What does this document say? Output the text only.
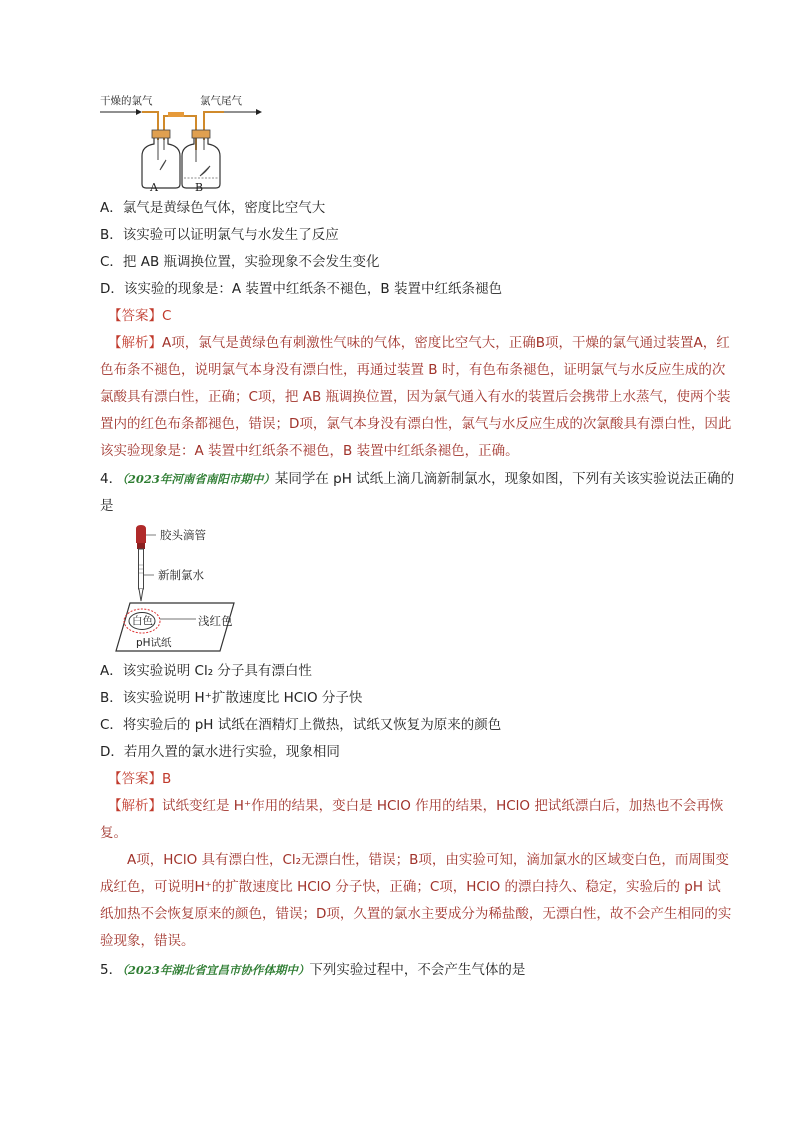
干燥的氯气	氯气尾气
A	B
A．氯气是黄绿色气体，密度比空气大
B．该实验可以证明氯气与水发生了反应
C．把 AB 瓶调换位置，实验现象不会发生变化
D．该实验的现象是：A 装置中红纸条不褪色，B 装置中红纸条褪色
【答案】C
【解析】A项，氯气是黄绿色有刺激性气味的气体，密度比空气大，正确B项，干燥的氯气通过装置A，红色布条不褪色，说明氯气本身没有漂白性，再通过装置 B 时，有色布条褪色，证明氯气与水反应生成的次氯酸具有漂白性，正确；C项，把 AB 瓶调换位置，因为氯气通入有水的装置后会携带上水蒸气，使两个装置内的红色布条都褪色，错误；D项，氯气本身没有漂白性，氯气与水反应生成的次氯酸具有漂白性，因此该实验现象是：A 装置中红纸条不褪色，B 装置中红纸条褪色，正确。
4．（2023年河南省南阳市期中）某同学在 pH 试纸上滴几滴新制氯水，现象如图，下列有关该实验说法正确的是
胶头滴管
新制氯水
白色	浅红色
pH试纸
A．该实验说明 Cl₂ 分子具有漂白性
B．该实验说明 H⁺扩散速度比 HClO 分子快
C．将实验后的 pH 试纸在酒精灯上微热，试纸又恢复为原来的颜色
D．若用久置的氯水进行实验，现象相同
【答案】B
【解析】试纸变红是 H⁺作用的结果，变白是 HClO 作用的结果，HClO 把试纸漂白后，加热也不会再恢复。
A项，HClO 具有漂白性，Cl₂无漂白性，错误；B项，由实验可知，滴加氯水的区域变白色，而周围变成红色，可说明H⁺的扩散速度比 HClO 分子快，正确；C项，HClO 的漂白持久、稳定，实验后的 pH 试纸加热不会恢复原来的颜色，错误；D项，久置的氯水主要成分为稀盐酸，无漂白性，故不会产生相同的实验现象，错误。
5．（2023年湖北省宜昌市协作体期中）下列实验过程中，不会产生气体的是
